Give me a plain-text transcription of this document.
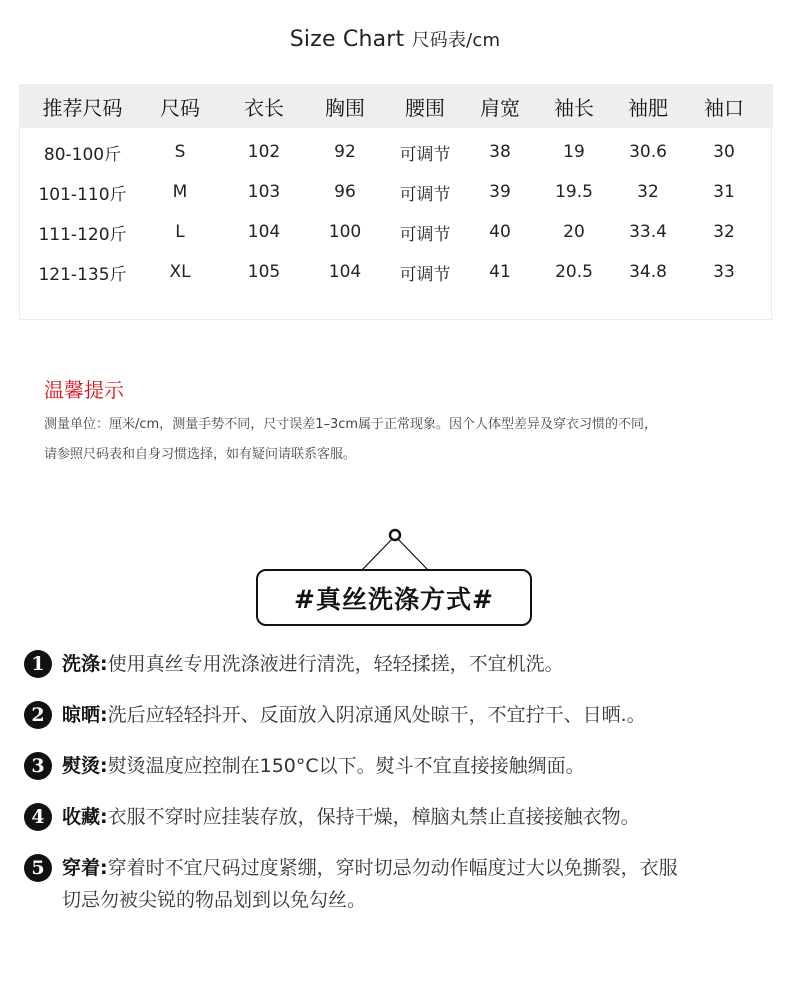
Size Chart 尺码表/cm
推荐尺码	尺码	衣长	胸围	腰围	肩宽	袖长	袖肥	袖口
80-100斤	S	102	92	可调节	38	19	30.6	30
101-110斤	M	103	96	可调节	39	19.5	32	31
111-120斤	L	104	100	可调节	40	20	33.4	32
121-135斤	XL	105	104	可调节	41	20.5	34.8	33
温馨提示
测量单位：厘米/cm，测量手势不同，尺寸误差1–3cm属于正常现象。因个人体型差异及穿衣习惯的不同，
请参照尺码表和自身习惯选择，如有疑问请联系客服。
#真丝洗涤方式#
1 洗涤:使用真丝专用洗涤液进行清洗，轻轻揉搓，不宜机洗。
2 晾晒:洗后应轻轻抖开、反面放入阴凉通风处晾干，不宜拧干、日晒.。
3 熨烫:熨烫温度应控制在150°C以下。熨斗不宜直接接触绸面。
4 收藏:衣服不穿时应挂装存放，保持干燥，樟脑丸禁止直接接触衣物。
5 穿着:穿着时不宜尺码过度紧绷，穿时切忌勿动作幅度过大以免撕裂，衣服
切忌勿被尖锐的物品划到以免勾丝。
